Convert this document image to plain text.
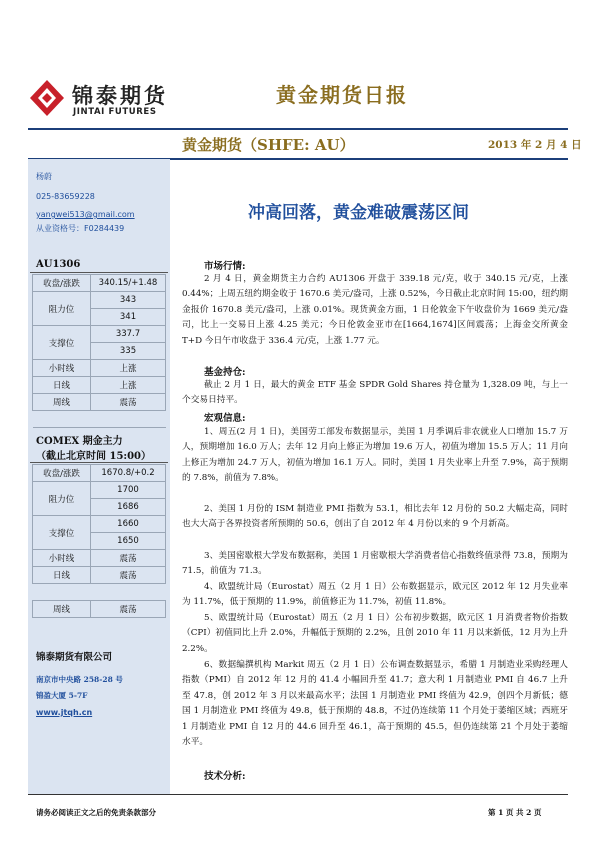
锦泰期货
JINTAI FUTURES
黄金期货日报
黄金期货（SHFE: AU）	2013 年 2 月 4 日
杨蔚
025-83659228
yangwei513@gmail.com
从业资格号：F0284439
AU1306
收盘/涨跌	340.15/+1.48
阻力位	343
	341
支撑位	337.7
	335
小时线	上涨
日线	上涨
周线	震荡

COMEX 期金主力
（截止北京时间 15:00）
收盘/涨跌	1670.8/+0.2
阻力位	1700
	1686
支撑位	1660
	1650
小时线	震荡
日线	震荡

周线	震荡
锦泰期货有限公司
南京市中央路 258-28 号
锦盈大厦 5-7F
www.jtqh.cn
冲高回落，黄金难破震荡区间
市场行情:

2 月 4 日，黄金期货主力合约 AU1306 开盘于 339.18 元/克，收于 340.15 元/克，上涨 0.44%；上周五纽约期金收于 1670.6 美元/盎司，上涨 0.52%，今日截止北京时间 15:00，纽约期金报价 1670.8 美元/盎司，上涨 0.01%。现货黄金方面，1 日伦敦金下午收盘价为 1669 美元/盎司，比上一交易日上涨 4.25 美元；今日伦敦金亚市在[1664,1674]区间震荡；上海金交所黄金 T+D 今日午市收盘于 336.4 元/克，上涨 1.77 元。

基金持仓:

截止 2 月 1 日，最大的黄金 ETF 基金 SPDR Gold Shares 持仓量为 1,328.09 吨，与上一个交易日持平。

宏观信息:

1、周五(2 月 1 日)，美国劳工部发布数据显示，美国 1 月季调后非农就业人口增加 15.7 万人，预期增加 16.0 万人；去年 12 月向上修正为增加 19.6 万人，初值为增加 15.5 万人；11 月向上修正为增加 24.7 万人，初值为增加 16.1 万人。同时，美国 1 月失业率上升至 7.9%，高于预期的 7.8%，前值为 7.8%。

2、美国 1 月份的 ISM 制造业 PMI 指数为 53.1，相比去年 12 月份的 50.2 大幅走高，同时也大大高于各界投资者所预期的 50.6，创出了自 2012 年 4 月份以来的 9 个月新高。

3、美国密歇根大学发布数据称，美国 1 月密歇根大学消费者信心指数终值录得 73.8，预期为 71.5，前值为 71.3。

4、欧盟统计局（Eurostat）周五（2 月 1 日）公布数据显示，欧元区 2012 年 12 月失业率为 11.7%，低于预期的 11.9%，前值修正为 11.7%，初值 11.8%。

5、欧盟统计局（Eurostat）周五（2 月 1 日）公布初步数据，欧元区 1 月消费者物价指数（CPI）初值同比上升 2.0%，升幅低于预期的 2.2%，且创 2010 年 11 月以来新低，12 月为上升 2.2%。

6、数据编撰机构 Markit 周五（2 月 1 日）公布调查数据显示，希腊 1 月制造业采购经理人指数（PMI）自 2012 年 12 月的 41.4 小幅回升至 41.7；意大利 1 月制造业 PMI 自 46.7 上升至 47.8，创 2012 年 3 月以来最高水平；法国 1 月制造业 PMI 终值为 42.9，创四个月新低；德国 1 月制造业 PMI 终值为 49.8，低于预期的 48.8，不过仍连续第 11 个月处于萎缩区域；西班牙 1 月制造业 PMI 自 12 月的 44.6 回升至 46.1，高于预期的 45.5，但仍连续第 21 个月处于萎缩水平。

技术分析:
请务必阅读正文之后的免责条款部分	第 1 页 共 2 页
